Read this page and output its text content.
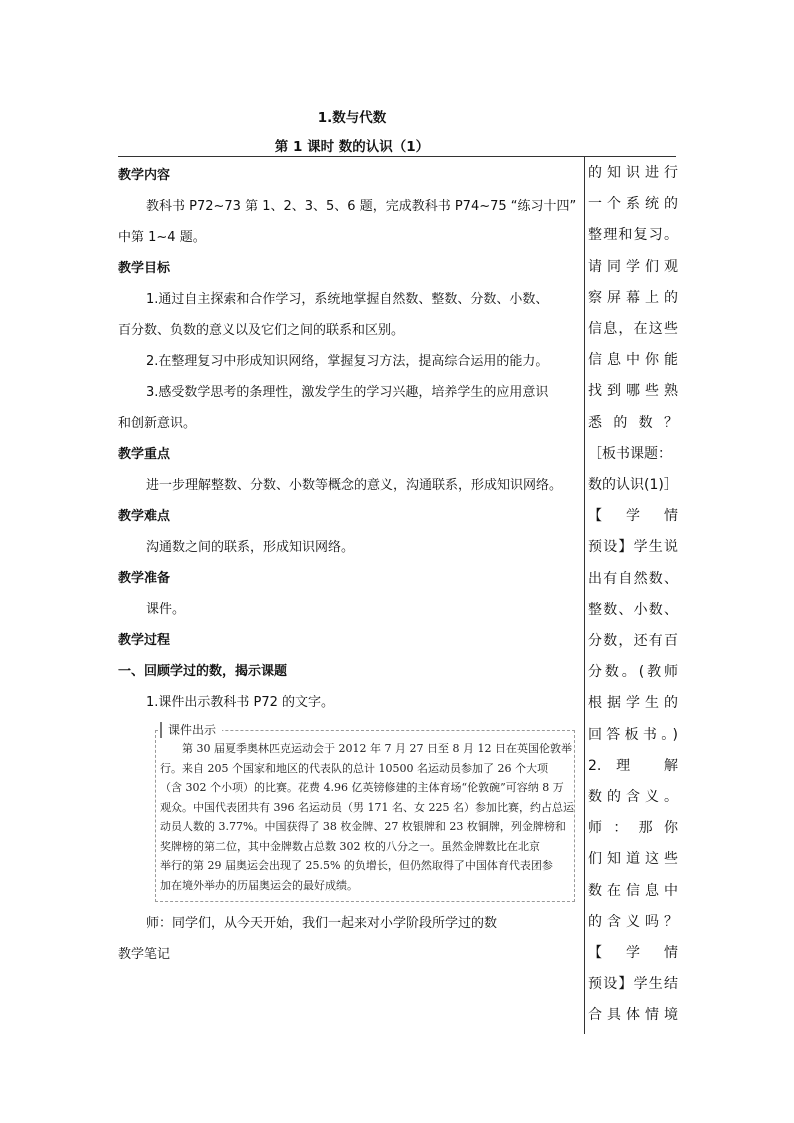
1.数与代数
第 1 课时 数的认识（1）
教学内容
教科书 P72~73 第 1、2、3、5、6 题，完成教科书 P74~75 “练习十四”
中第 1~4 题。
教学目标
1.通过自主探索和合作学习，系统地掌握自然数、整数、分数、小数、
百分数、负数的意义以及它们之间的联系和区别。
2.在整理复习中形成知识网络，掌握复习方法，提高综合运用的能力。
3.感受数学思考的条理性，激发学生的学习兴趣，培养学生的应用意识
和创新意识。
教学重点
进一步理解整数、分数、小数等概念的意义，沟通联系，形成知识网络。
教学难点
沟通数之间的联系，形成知识网络。
教学准备
课件。
教学过程
一、回顾学过的数，揭示课题
1.课件出示教科书 P72 的文字。
师：同学们，从今天开始，我们一起来对小学阶段所学过的数
教学笔记
课件出示
　　第 30 届夏季奥林匹克运动会于 2012 年 7 月 27 日至 8 月 12 日在英国伦敦举
行。来自 205 个国家和地区的代表队的总计 10500 名运动员参加了 26 个大项
（含 302 个小项）的比赛。花费 4.96 亿英镑修建的主体育场“伦敦碗”可容纳 8 万
观众。中国代表团共有 396 名运动员（男 171 名、女 225 名）参加比赛，约占总运
动员人数的 3.77%。中国获得了 38 枚金牌、27 枚银牌和 23 枚铜牌，列金牌榜和
奖牌榜的第二位，其中金牌数占总数 302 枚的八分之一。虽然金牌数比在北京
举行的第 29 届奥运会出现了 25.5% 的负增长，但仍然取得了中国体育代表团参
加在境外举办的历届奥运会的最好成绩。
的知识进行
一个系统的
整理和复习。
请同学们观
察屏幕上的
信息，在这些
信息中你能
找到哪些熟
悉 的 数 ？
［板书课题：
数的认识(1)］
【 学 情
预设】学生说
出有自然数、
整数、小数、
分数，还有百
分数。(教师
根据学生的
回答板书。)
2.理 解
数的含义。
师：那你
们知道这些
数在信息中
的含义吗？
【 学 情
预设】学生结
合具体情境
